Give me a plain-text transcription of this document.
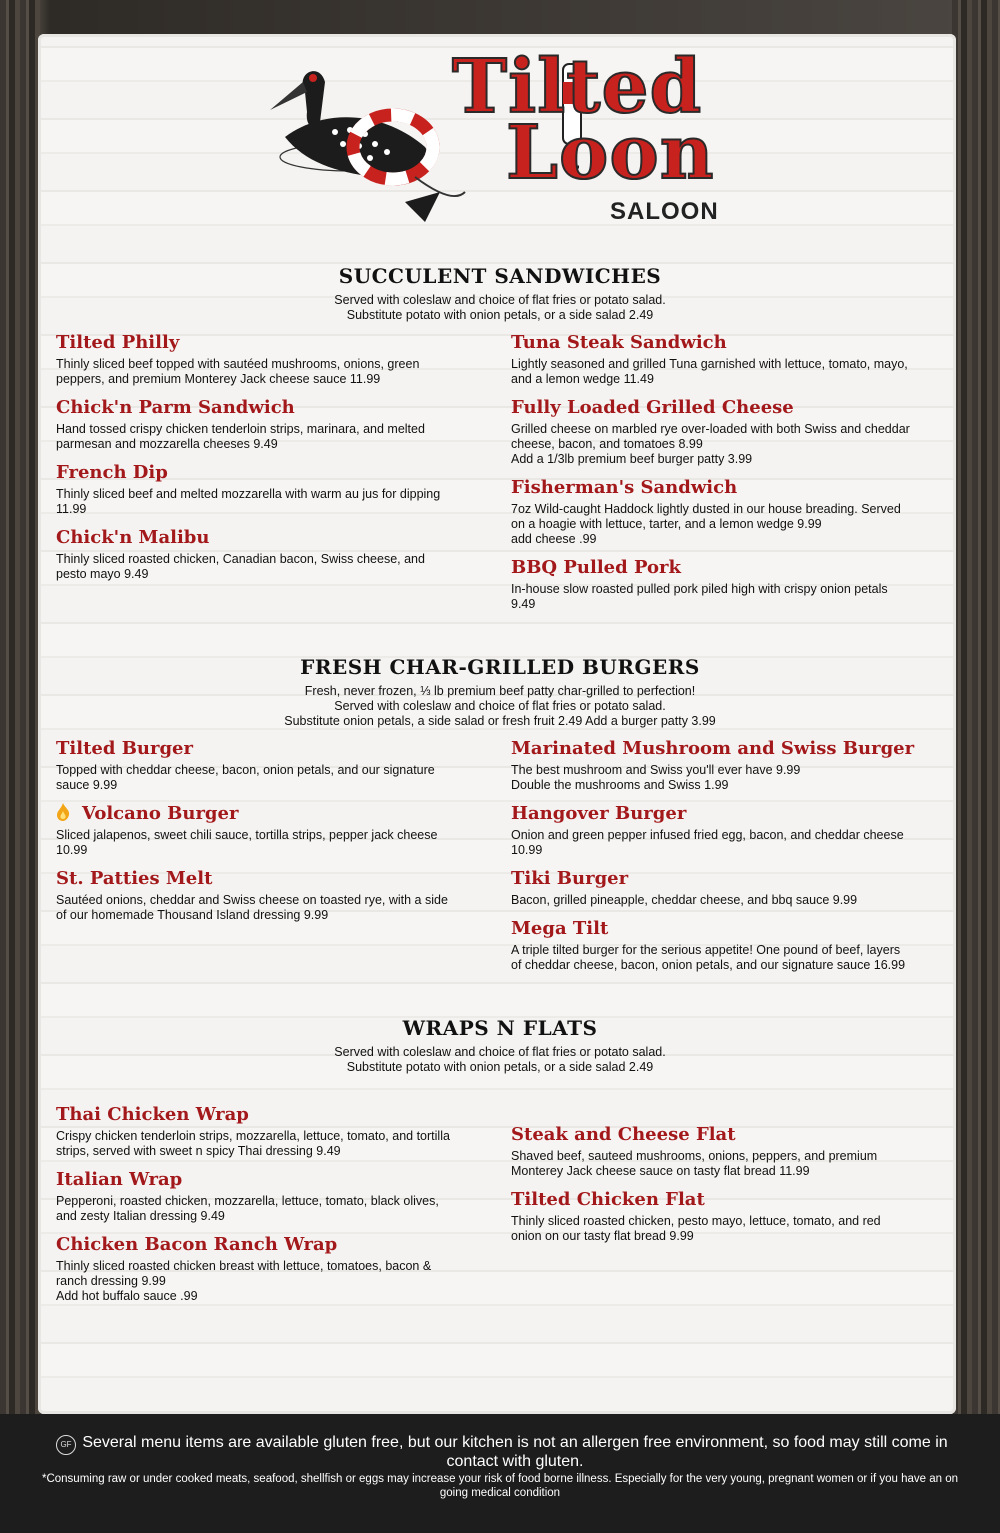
Tilted
Loon
SALOON
SUCCULENT SANDWICHES
Served with coleslaw and choice of flat fries or potato salad.
Substitute potato with onion petals, or a side salad 2.49
Tilted Philly

Thinly sliced beef topped with sautéed mushrooms, onions, green
peppers, and premium Monterey Jack cheese sauce 11.99

Chick'n Parm Sandwich

Hand tossed crispy chicken tenderloin strips, marinara, and melted
parmesan and mozzarella cheeses 9.49

French Dip

Thinly sliced beef and melted mozzarella with warm au jus for dipping
11.99

Chick'n Malibu

Thinly sliced roasted chicken, Canadian bacon, Swiss cheese, and
pesto mayo 9.49

Tuna Steak Sandwich

Lightly seasoned and grilled Tuna garnished with lettuce, tomato, mayo,
and a lemon wedge 11.49

Fully Loaded Grilled Cheese

Grilled cheese on marbled rye over-loaded with both Swiss and cheddar
cheese, bacon, and tomatoes 8.99
Add a 1/3lb premium beef burger patty 3.99

Fisherman's Sandwich

7oz Wild-caught Haddock lightly dusted in our house breading. Served
on a hoagie with lettuce, tarter, and a lemon wedge 9.99
add cheese .99

BBQ Pulled Pork

In-house slow roasted pulled pork piled high with crispy onion petals
9.49

FRESH CHAR-GRILLED BURGERS
Fresh, never frozen, ⅓ lb premium beef patty char-grilled to perfection!
Served with coleslaw and choice of flat fries or potato salad.
Substitute onion petals, a side salad or fresh fruit 2.49 Add a burger patty 3.99
Tilted Burger

Topped with cheddar cheese, bacon, onion petals, and our signature
sauce 9.99

Volcano Burger

Sliced jalapenos, sweet chili sauce, tortilla strips, pepper jack cheese
10.99

St. Patties Melt

Sautéed onions, cheddar and Swiss cheese on toasted rye, with a side
of our homemade Thousand Island dressing 9.99

Marinated Mushroom and Swiss Burger

The best mushroom and Swiss you'll ever have 9.99
Double the mushrooms and Swiss 1.99

Hangover Burger

Onion and green pepper infused fried egg, bacon, and cheddar cheese
10.99

Tiki Burger

Bacon, grilled pineapple, cheddar cheese, and bbq sauce 9.99

Mega Tilt

A triple tilted burger for the serious appetite! One pound of beef, layers
of cheddar cheese, bacon, onion petals, and our signature sauce 16.99

WRAPS N FLATS
Served with coleslaw and choice of flat fries or potato salad.
Substitute potato with onion petals, or a side salad 2.49
Thai Chicken Wrap

Crispy chicken tenderloin strips, mozzarella, lettuce, tomato, and tortilla
strips, served with sweet n spicy Thai dressing 9.49

Italian Wrap

Pepperoni, roasted chicken, mozzarella, lettuce, tomato, black olives,
and zesty Italian dressing 9.49

Chicken Bacon Ranch Wrap

Thinly sliced roasted chicken breast with lettuce, tomatoes, bacon &
ranch dressing 9.99
Add hot buffalo sauce .99

Steak and Cheese Flat

Shaved beef, sauteed mushrooms, onions, peppers, and premium
Monterey Jack cheese sauce on tasty flat bread 11.99

Tilted Chicken Flat

Thinly sliced roasted chicken, pesto mayo, lettuce, tomato, and red
onion on our tasty flat bread 9.99

GF Several menu items are available gluten free, but our kitchen is not an allergen free environment, so food may still come in contact with gluten.
*Consuming raw or under cooked meats, seafood, shellfish or eggs may increase your risk of food borne illness. Especially for the very young, pregnant women or if you have an on going medical condition
